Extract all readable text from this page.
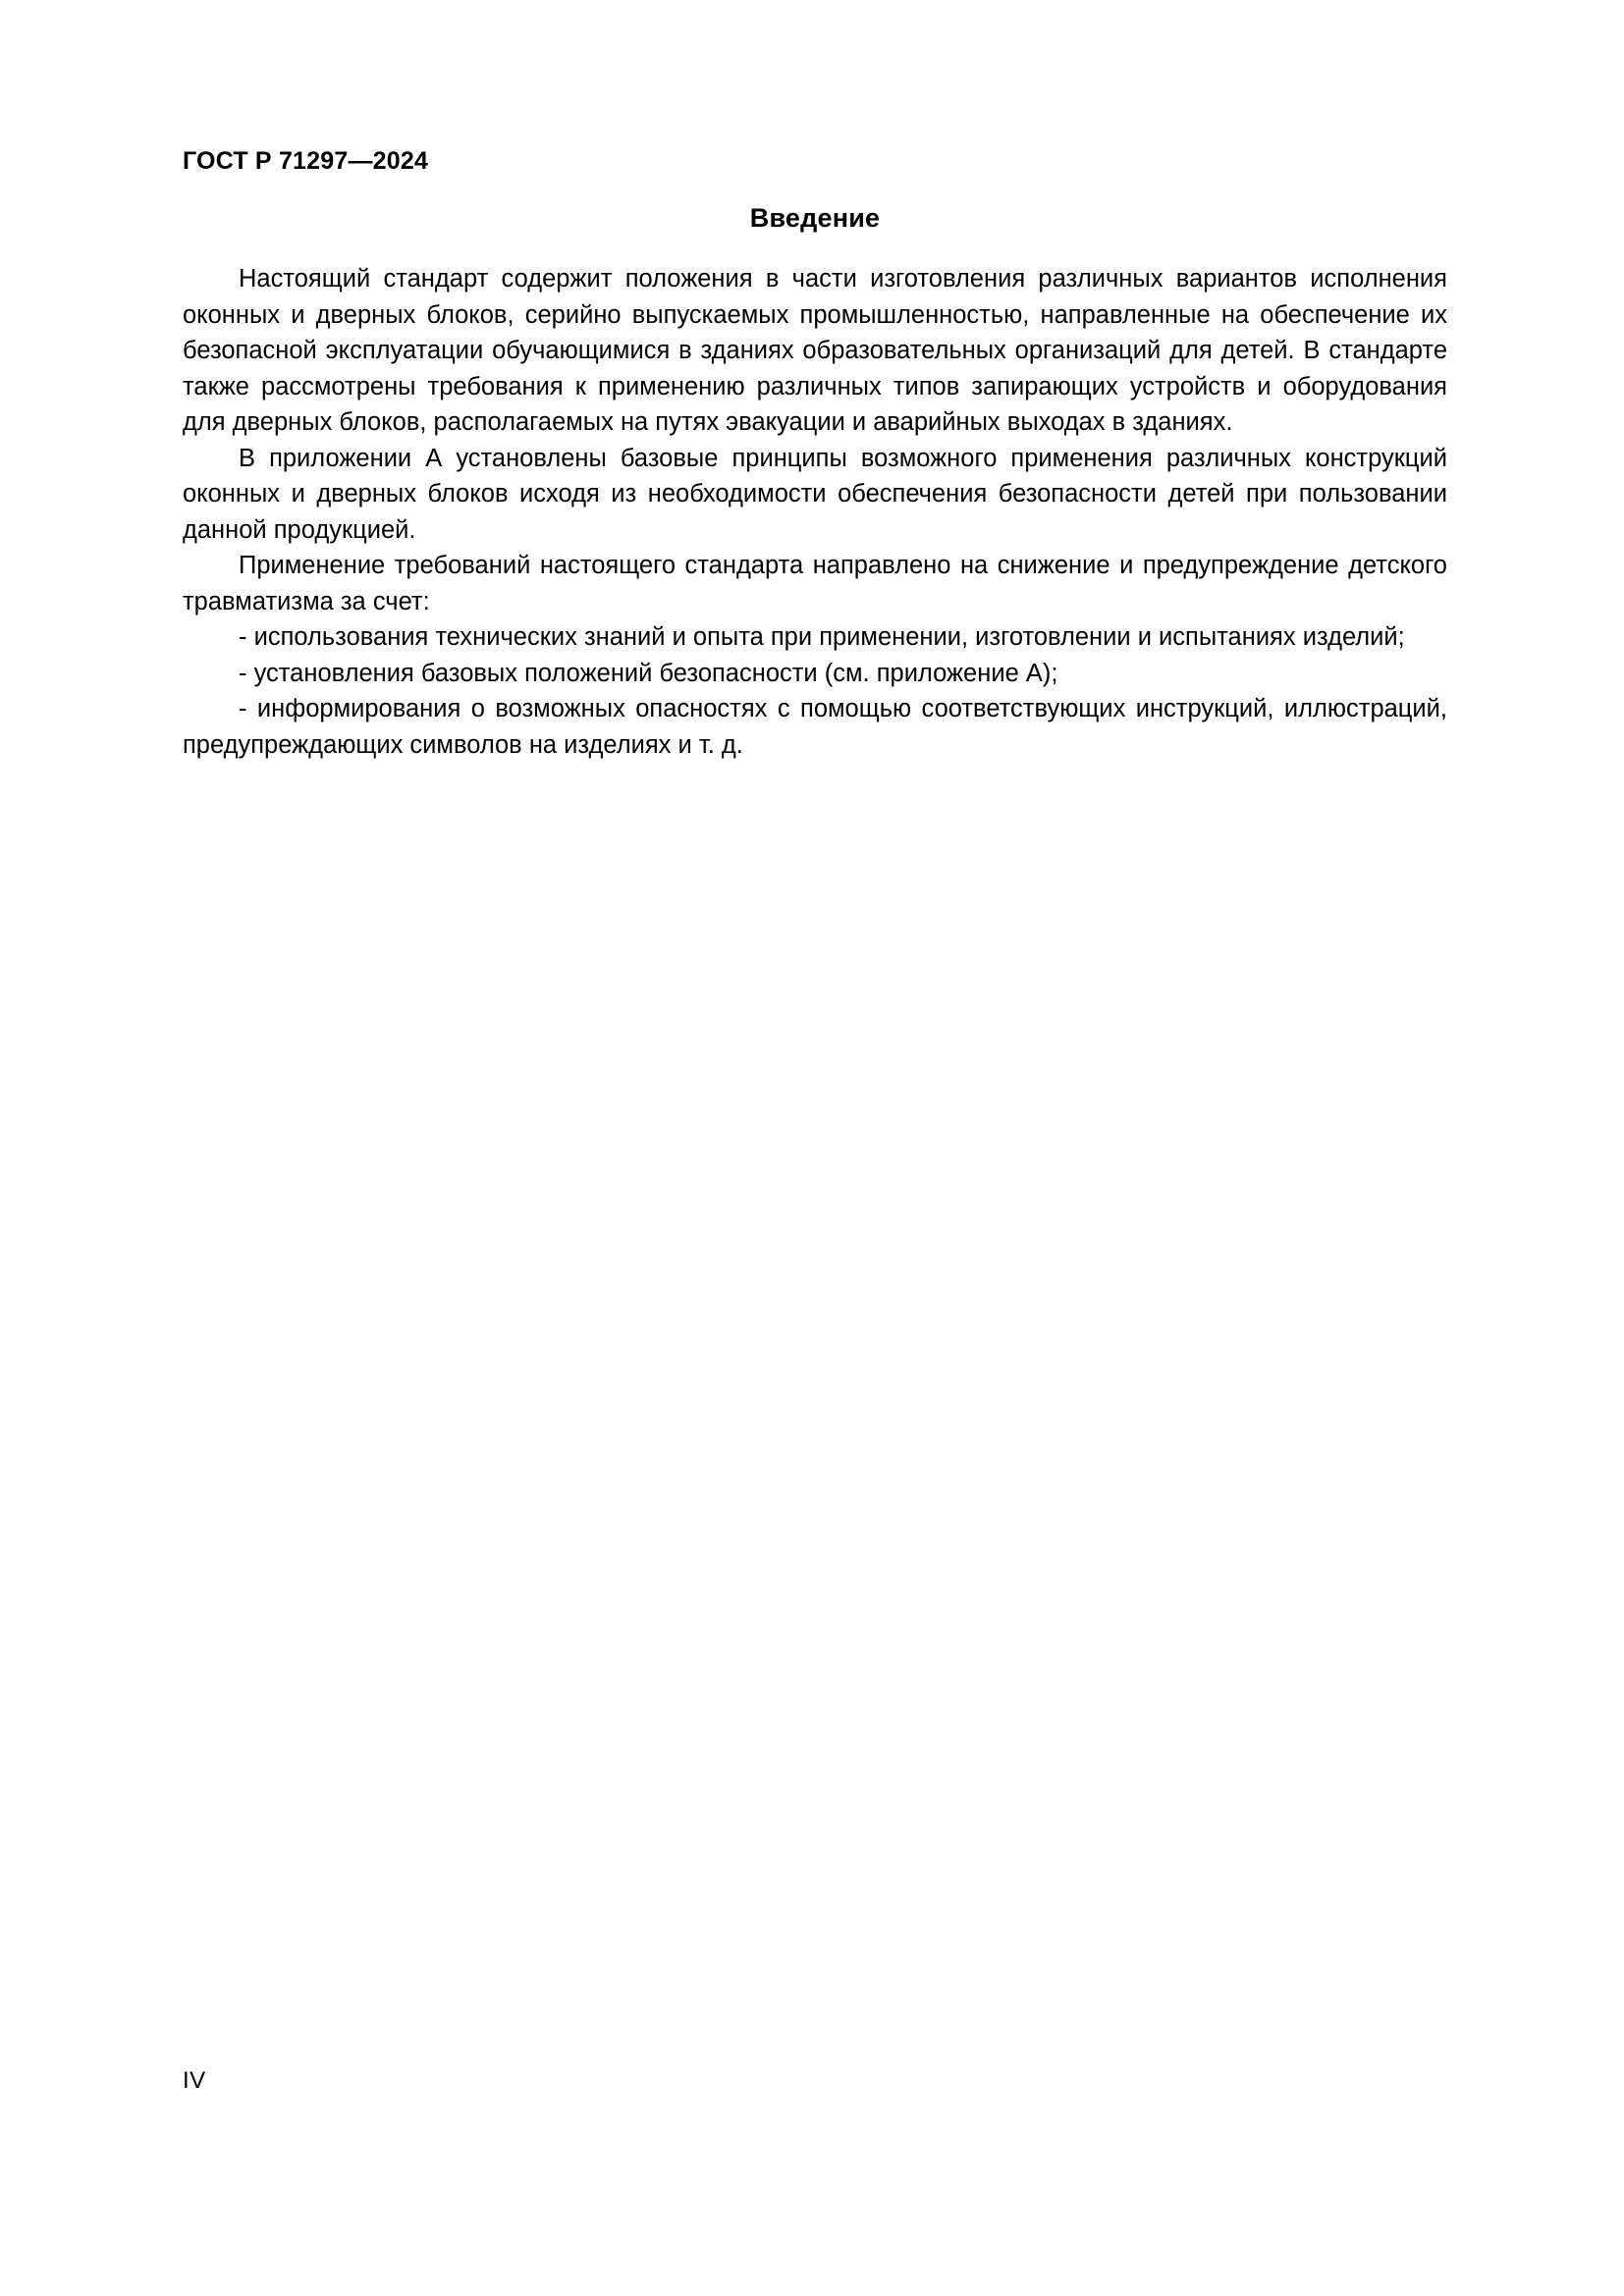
ГОСТ Р 71297—2024
Введение

Настоящий стандарт содержит положения в части изготовления различных вариантов исполнения оконных и дверных блоков, серийно выпускаемых промышленностью, направленные на обеспечение их безопасной эксплуатации обучающимися в зданиях образовательных организаций для детей. В стандарте также рассмотрены требования к применению различных типов запирающих устройств и оборудования для дверных блоков, располагаемых на путях эвакуации и аварийных выходах в зданиях.

В приложении А установлены базовые принципы возможного применения различных конструкций оконных и дверных блоков исходя из необходимости обеспечения безопасности детей при пользовании данной продукцией.

Применение требований настоящего стандарта направлено на снижение и предупреждение детского травматизма за счет:

- использования технических знаний и опыта при применении, изготовлении и испытаниях изделий;

- установления базовых положений безопасности (см. приложение А);

- информирования о возможных опасностях с помощью соответствующих инструкций, иллюстраций, предупреждающих символов на изделиях и т. д.

IV
